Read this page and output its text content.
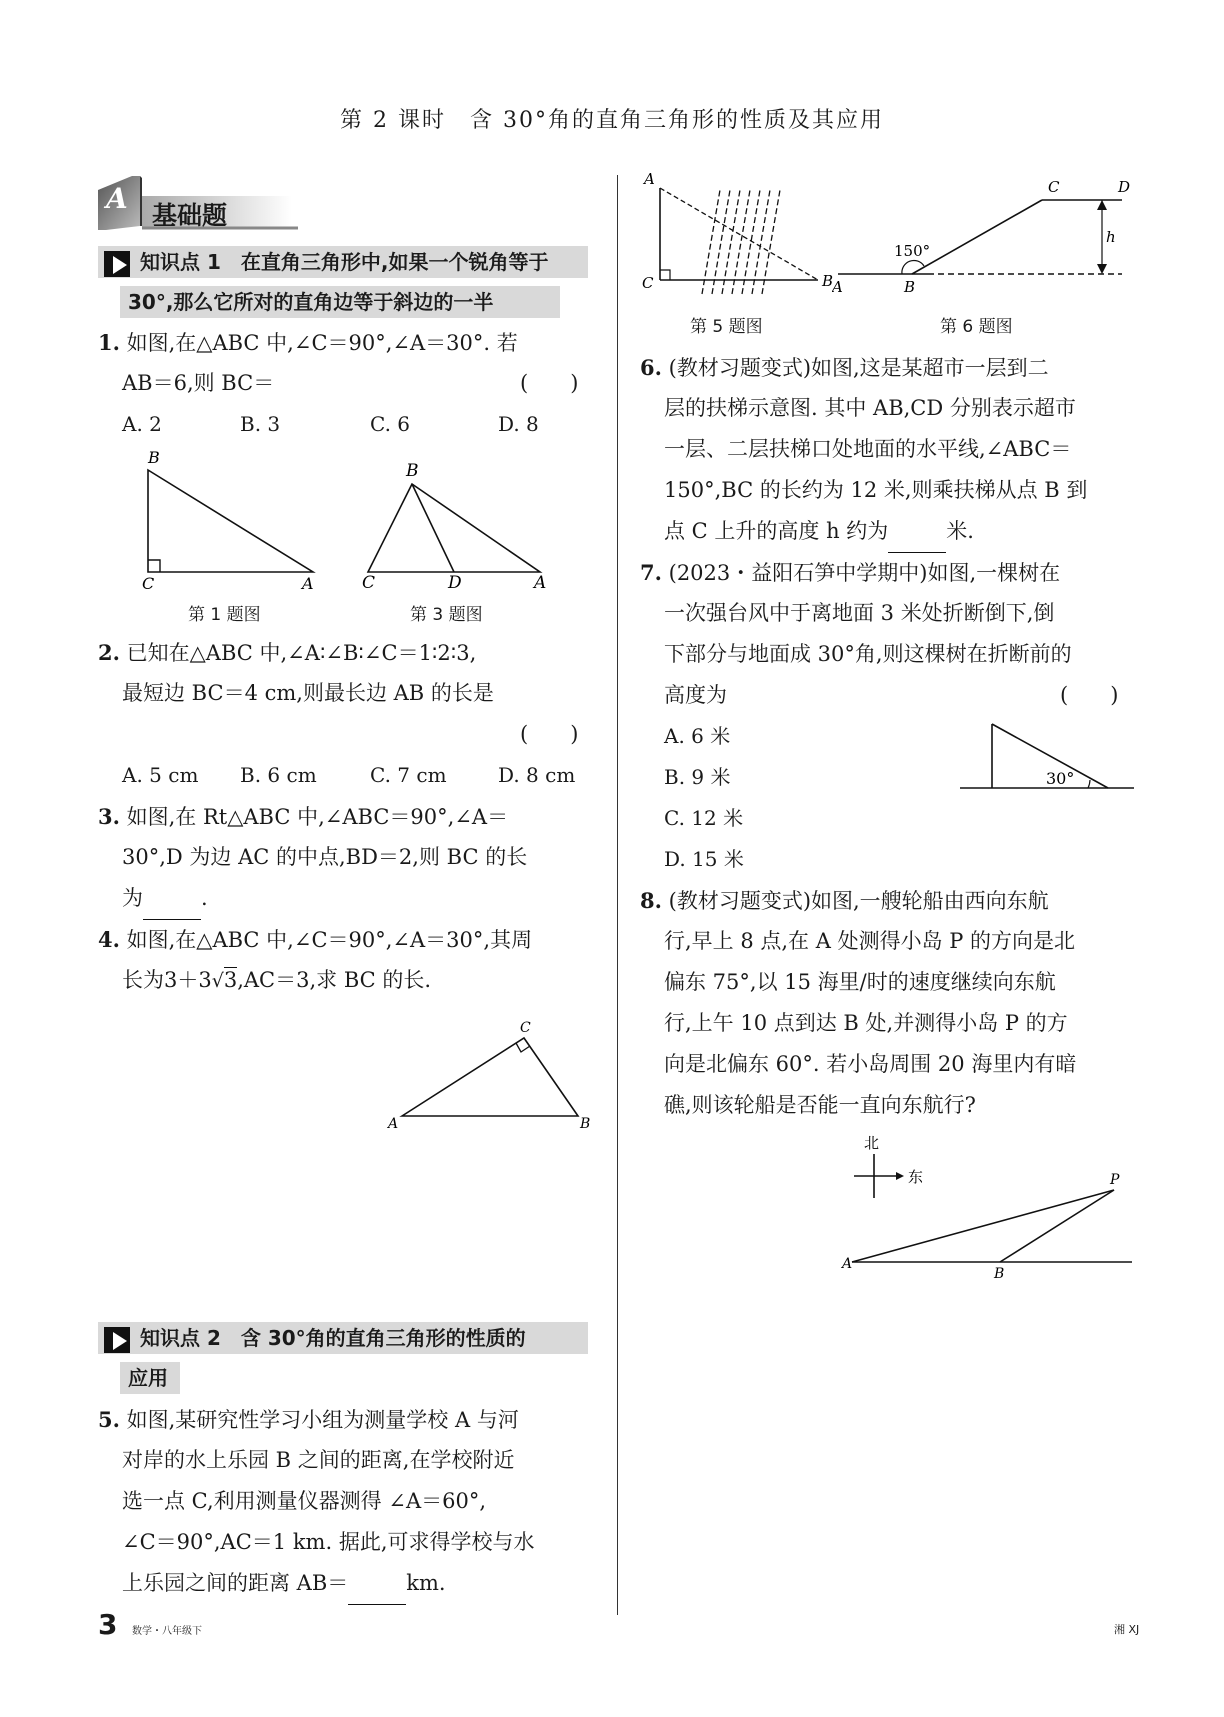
第 2 课时　含 30°角的直角三角形的性质及其应用
A
基础题
知识点 1　在直角三角形中,如果一个锐角等于
30°,那么它所对的直角边等于斜边的一半
1. 如图,在△ABC 中,∠C＝90°,∠A＝30°. 若
AB＝6,则 BC＝	(　　)
A. 2	B. 3	C. 6	D. 8
B
C	A
第 1 题图
B
C	D	A
第 3 题图
2. 已知在△ABC 中,∠A∶∠B∶∠C＝1∶2∶3,
最短边 BC＝4 cm,则最长边 AB 的长是
(　　)
A. 5 cm B. 6 cm	C. 7 cm	D. 8 cm
3. 如图,在 Rt△ABC 中,∠ABC＝90°,∠A＝
30°,D 为边 AC 的中点,BD＝2,则 BC 的长
为	.
4. 如图,在△ABC 中,∠C＝90°,∠A＝30°,其周
长为3＋3√3,AC＝3,求 BC 的长.
C
A	B
知识点 2　含 30°角的直角三角形的性质的
应用
5. 如图,某研究性学习小组为测量学校 A 与河
对岸的水上乐园 B 之间的距离,在学校附近
选一点 C,利用测量仪器测得 ∠A＝60°,
∠C＝90°,AC＝1 km. 据此,可求得学校与水
上乐园之间的距离 AB＝	km.
A
C	B
第 5 题图
C	D
h
150°
A	B
第 6 题图
6. (教材习题变式)如图,这是某超市一层到二
层的扶梯示意图. 其中 AB,CD 分别表示超市
一层、二层扶梯口处地面的水平线,∠ABC＝
150°,BC 的长约为 12 米,则乘扶梯从点 B 到
点 C 上升的高度 h 约为	米.
7. (2023・益阳石笋中学期中)如图,一棵树在
一次强台风中于离地面 3 米处折断倒下,倒
下部分与地面成 30°角,则这棵树在折断前的
高度为	(　　)
A. 6 米
B. 9 米
C. 12 米
D. 15 米
30°
8. (教材习题变式)如图,一艘轮船由西向东航
行,早上 8 点,在 A 处测得小岛 P 的方向是北
偏东 75°,以 15 海里/时的速度继续向东航
行,上午 10 点到达 B 处,并测得小岛 P 的方
向是北偏东 60°. 若小岛周围 20 海里内有暗
礁,则该轮船是否能一直向东航行?
北
东	P
A
B
3 数学・八年级下	湘 XJ
